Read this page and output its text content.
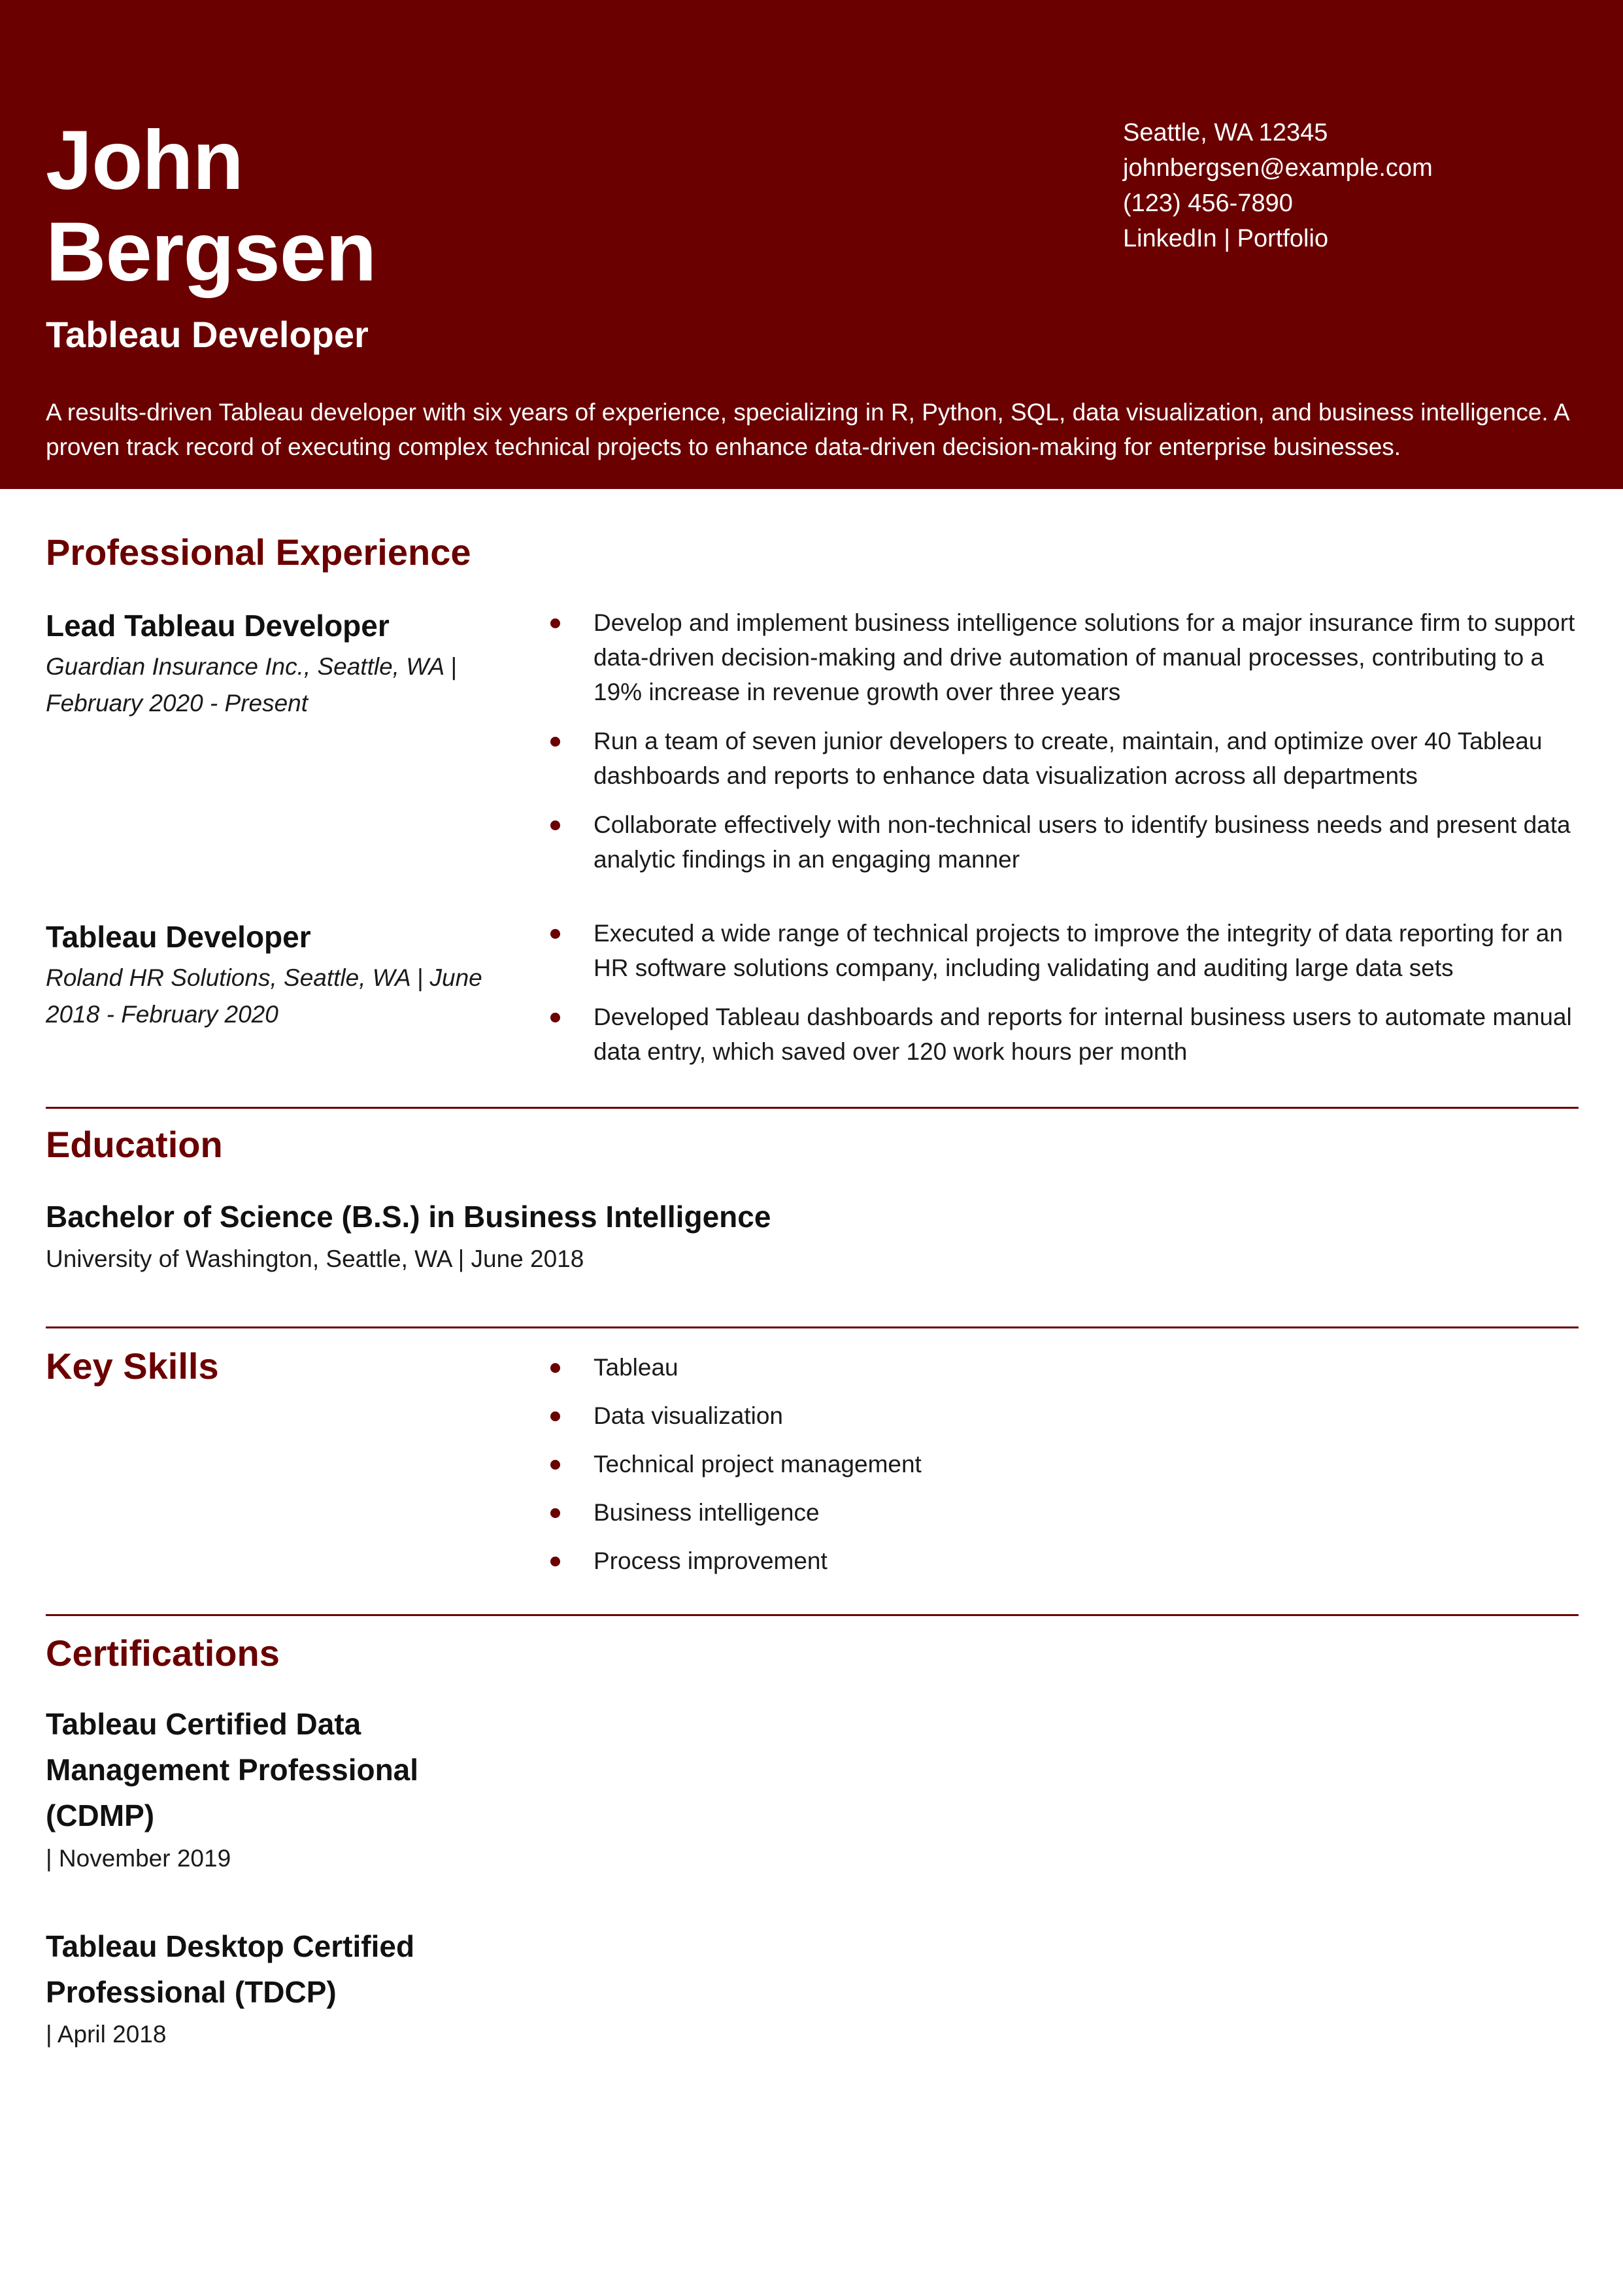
John
Bergsen
Tableau Developer
Seattle, WA 12345
johnbergsen@example.com
(123) 456-7890
LinkedIn | Portfolio
A results-driven Tableau developer with six years of experience, specializing in R, Python, SQL, data visualization, and business intelligence. A proven track record of executing complex technical projects to enhance data-driven decision-making for enterprise businesses.
Professional Experience
Lead Tableau Developer
Guardian Insurance Inc., Seattle, WA | February 2020 - Present
Develop and implement business intelligence solutions for a major insurance firm to support data-driven decision-making and drive automation of manual processes, contributing to a 19% increase in revenue growth over three years
Run a team of seven junior developers to create, maintain, and optimize over 40 Tableau dashboards and reports to enhance data visualization across all departments
Collaborate effectively with non-technical users to identify business needs and present data analytic findings in an engaging manner
Tableau Developer
Roland HR Solutions, Seattle, WA | June 2018 - February 2020
Executed a wide range of technical projects to improve the integrity of data reporting for an HR software solutions company, including validating and auditing large data sets
Developed Tableau dashboards and reports for internal business users to automate manual data entry, which saved over 120 work hours per month
Education
Bachelor of Science (B.S.) in Business Intelligence
University of Washington, Seattle, WA | June 2018
Key Skills	Tableau
Data visualization
Technical project management
Business intelligence
Process improvement
Certifications
Tableau Certified Data Management Professional (CDMP)
| November 2019
Tableau Desktop Certified Professional (TDCP)
| April 2018
